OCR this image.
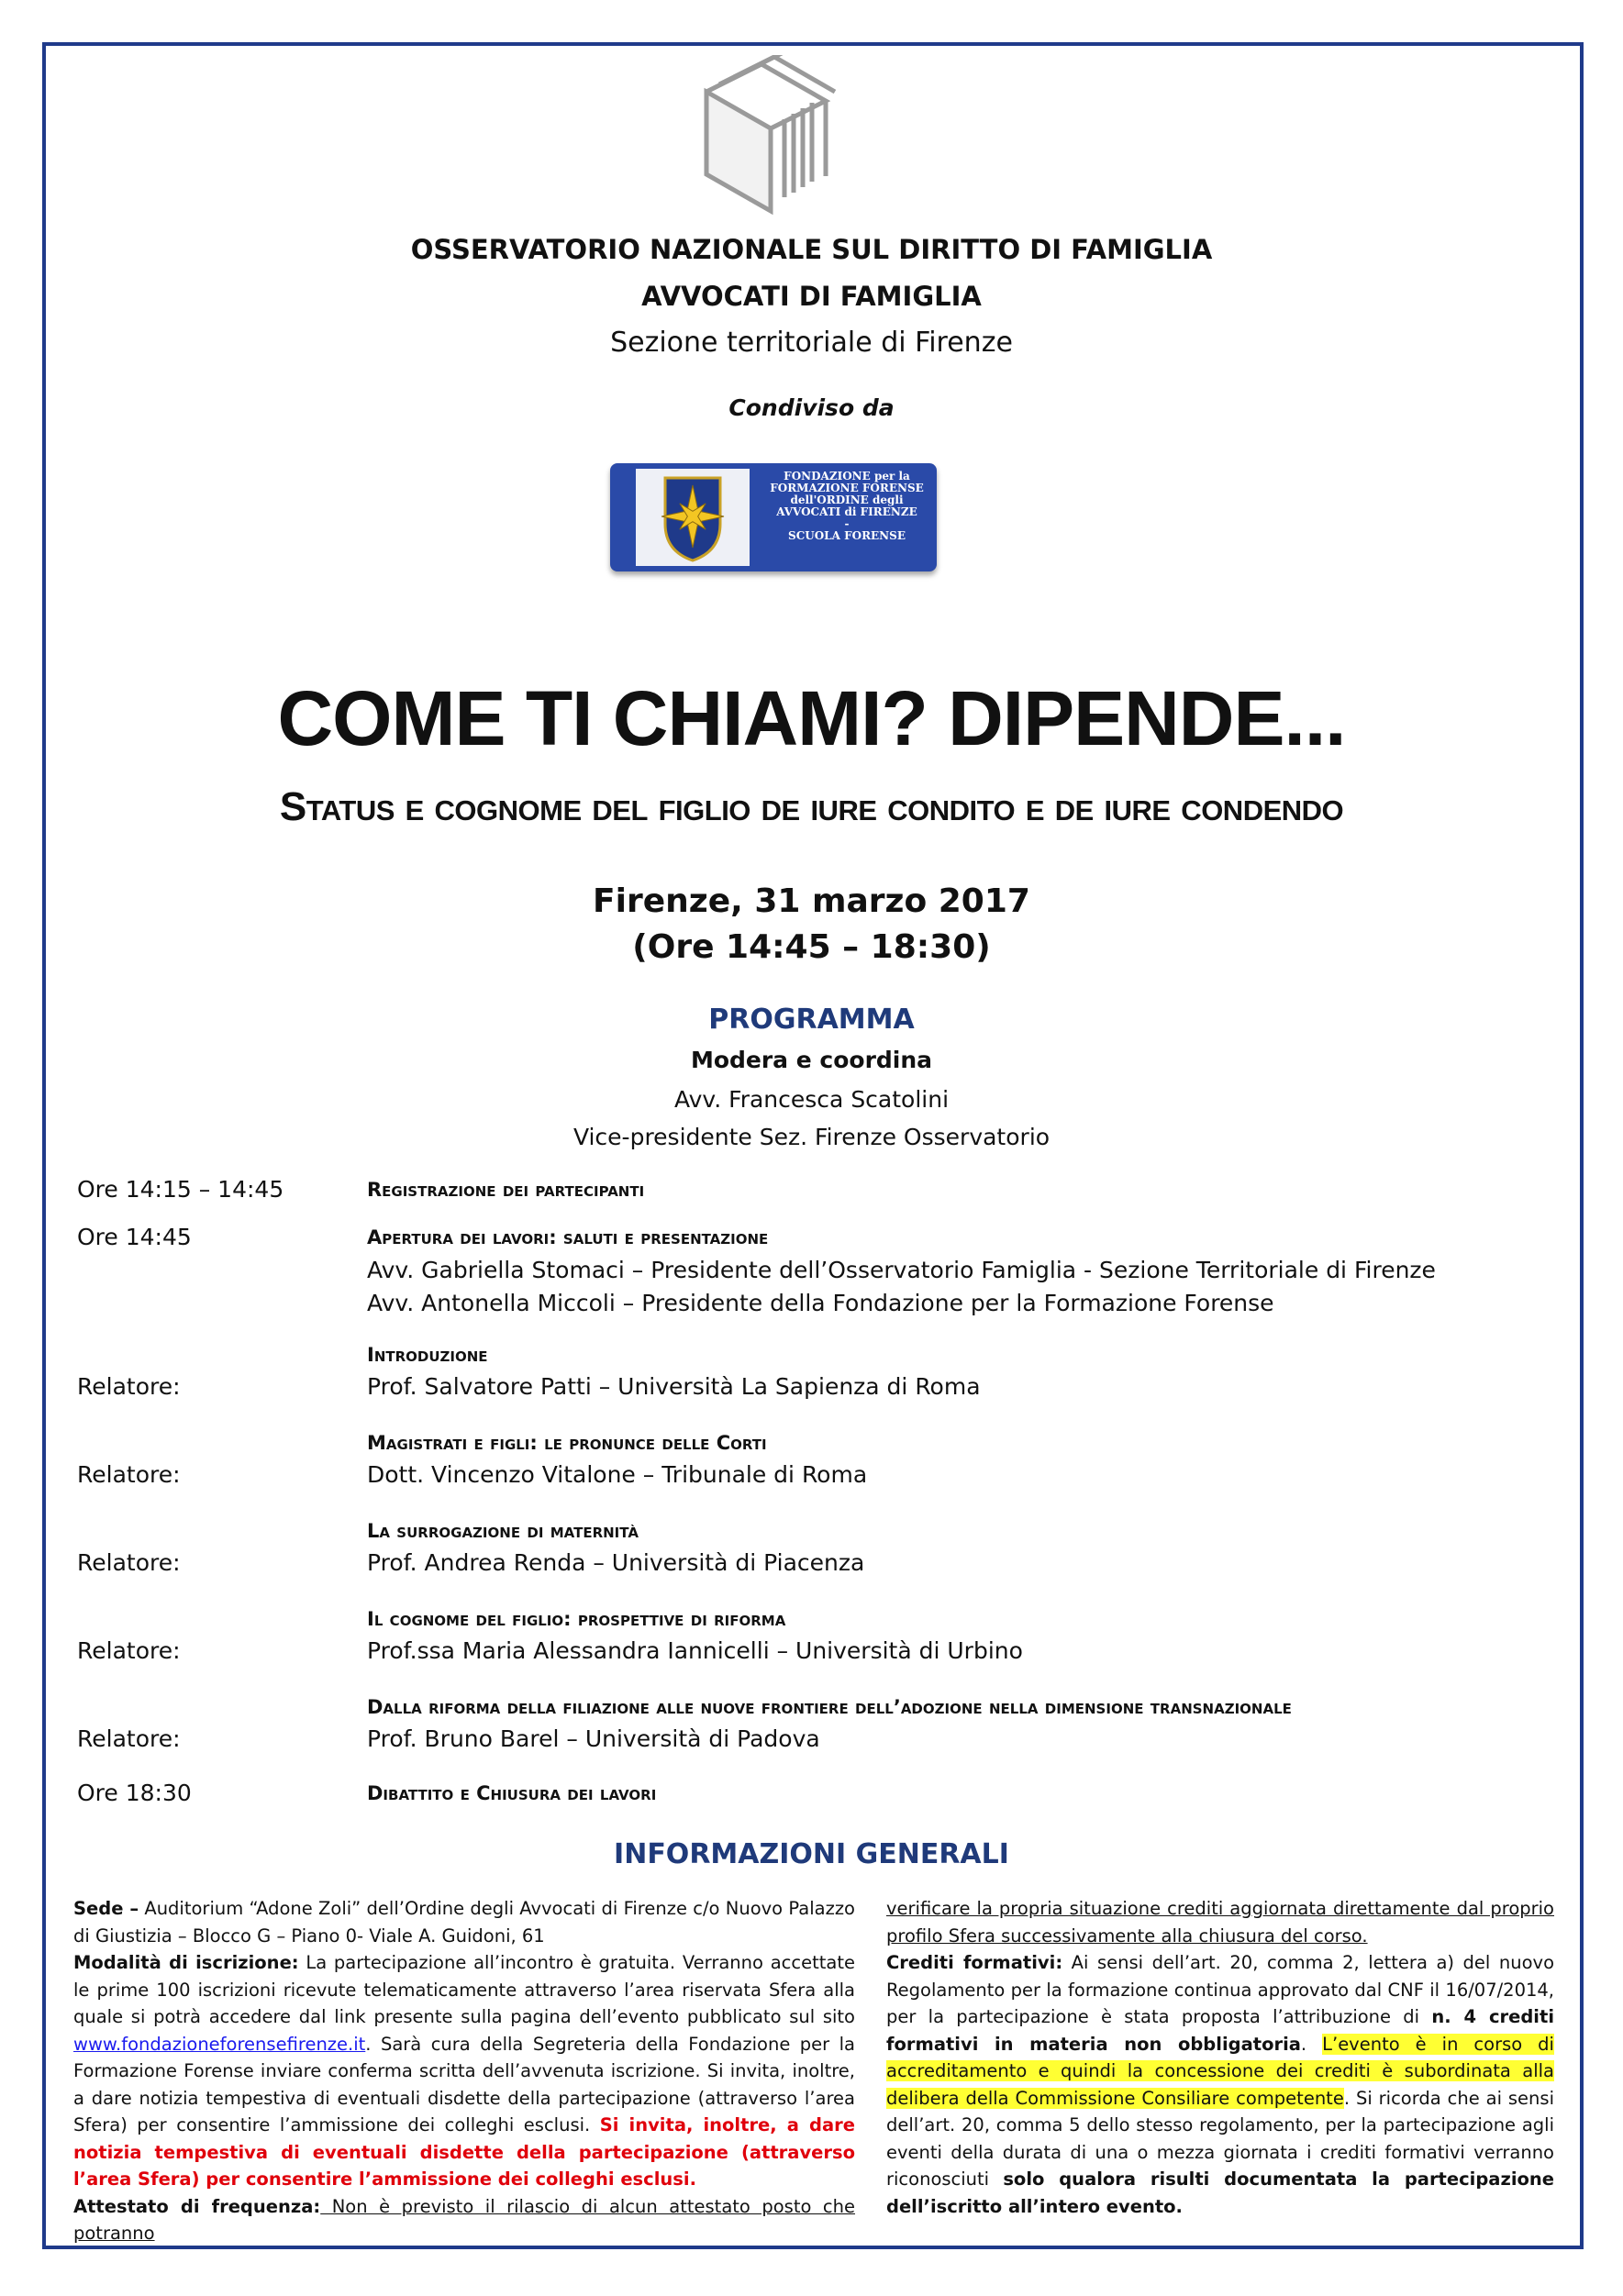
OSSERVATORIO NAZIONALE SUL DIRITTO DI FAMIGLIA
AVVOCATI DI FAMIGLIA
Sezione territoriale di Firenze
Condiviso da
FONDAZIONE per la
FORMAZIONE FORENSE
dell'ORDINE degli
AVVOCATI di FIRENZE
-
SCUOLA FORENSE
COME TI CHIAMI? DIPENDE...
Status e cognome del figlio de iure condito e de iure condendo
Firenze, 31 marzo 2017
(Ore 14:45 – 18:30)
PROGRAMMA
Modera e coordina
Avv. Francesca Scatolini
Vice-presidente Sez. Firenze Osservatorio
Ore 14:15 – 14:45	Registrazione dei partecipanti
Ore 14:45	Apertura dei lavori: saluti e presentazione
Avv. Gabriella Stomaci – Presidente dell’Osservatorio Famiglia - Sezione Territoriale di Firenze
Avv. Antonella Miccoli – Presidente della Fondazione per la Formazione Forense
Introduzione
Relatore:	Prof. Salvatore Patti – Università La Sapienza di Roma
Magistrati e figli: le pronunce delle Corti
Relatore:	Dott. Vincenzo Vitalone – Tribunale di Roma
La surrogazione di maternità
Relatore:	Prof. Andrea Renda – Università di Piacenza
Il cognome del figlio: prospettive di riforma
Relatore:	Prof.ssa Maria Alessandra Iannicelli – Università di Urbino
Dalla riforma della filiazione alle nuove frontiere dell’adozione nella dimensione transnazionale
Relatore:	Prof. Bruno Barel – Università di Padova
Ore 18:30	Dibattito e Chiusura dei lavori
INFORMAZIONI GENERALI
Sede – Auditorium “Adone Zoli” dell’Ordine degli Avvocati di Firenze c/o Nuovo Palazzo di Giustizia – Blocco G – Piano 0- Viale A. Guidoni, 61
Modalità di iscrizione: La partecipazione all’incontro è gratuita. Verranno accettate le prime 100 iscrizioni ricevute telematicamente attraverso l’area riservata Sfera alla quale si potrà accedere dal link presente sulla pagina dell’evento pubblicato sul sito www.fondazioneforensefirenze.it. Sarà cura della Segreteria della Fondazione per la Formazione Forense inviare conferma scritta dell’avvenuta iscrizione. Si invita, inoltre, a dare notizia tempestiva di eventuali disdette della partecipazione (attraverso l’area Sfera) per consentire l’ammissione dei colleghi esclusi. Si invita, inoltre, a dare notizia tempestiva di eventuali disdette della partecipazione (attraverso l’area Sfera) per consentire l’ammissione dei colleghi esclusi.
Attestato di frequenza: Non è previsto il rilascio di alcun attestato posto che potranno
verificare la propria situazione crediti aggiornata direttamente dal proprio profilo Sfera successivamente alla chiusura del corso.
Crediti formativi: Ai sensi dell’art. 20, comma 2, lettera a) del nuovo Regolamento per la formazione continua approvato dal CNF il 16/07/2014, per la partecipazione è stata proposta l’attribuzione di n. 4 crediti formativi in materia non obbligatoria. L’evento è in corso di accreditamento e quindi la concessione dei crediti è subordinata alla delibera della Commissione Consiliare competente. Si ricorda che ai sensi dell’art. 20, comma 5 dello stesso regolamento, per la partecipazione agli eventi della durata di una o mezza giornata i crediti formativi verranno riconosciuti solo qualora risulti documentata la partecipazione dell’iscritto all’intero evento.
